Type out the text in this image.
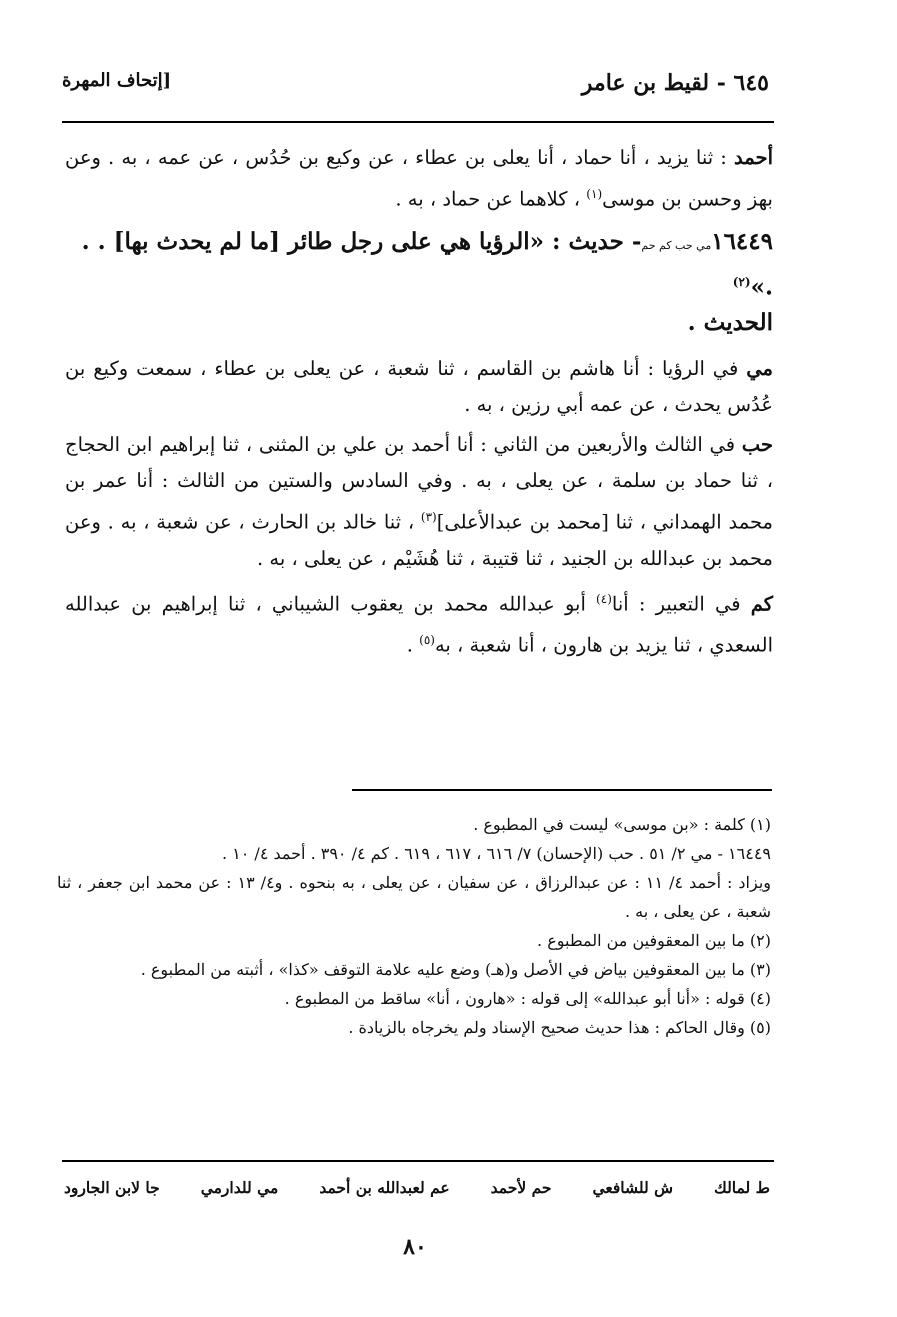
٦٤٥ - لقيط بن عامر
[إتحاف المهرة

أحمد : ثنا يزيد ، أنا حماد ، أنا يعلى بن عطاء ، عن وكيع بن حُدُس ، عن عمه ، به . وعن بهز وحسن بن موسى$^{(١)}$ ، كلاهما عن حماد ، به .

١٦٤٤٩مي حب كم حم- حديث : «الرؤيا هي على رجل طائر [ما لم يحدث بها] . . .»$^{(٢)}$
الحديث .

مي في الرؤيا : أنا هاشم بن القاسم ، ثنا شعبة ، عن يعلى بن عطاء ، سمعت وكيع بن عُدُس يحدث ، عن عمه أبي رزين ، به .

حب في الثالث والأربعين من الثاني : أنا أحمد بن علي بن المثنى ، ثنا إبراهيم ابن الحجاج ، ثنا حماد بن سلمة ، عن يعلى ، به . وفي السادس والستين من الثالث : أنا عمر بن محمد الهمداني ، ثنا [محمد بن عبدالأعلى]$^{(٣)}$ ، ثنا خالد بن الحارث ، عن شعبة ، به . وعن محمد بن عبدالله بن الجنيد ، ثنا قتيبة ، ثنا هُشَيْم ، عن يعلى ، به .

كم في التعبير : أنا$^{(٤)}$ أبو عبدالله محمد بن يعقوب الشيباني ، ثنا إبراهيم بن عبدالله السعدي ، ثنا يزيد بن هارون ، أنا شعبة ، به$^{(٥)}$ .

(١) كلمة : «بن موسى» ليست في المطبوع .

١٦٤٤٩ - مي ٢/ ٥١ . حب (الإحسان) ٧/ ٦١٦ ، ٦١٧ ، ٦١٩ . كم ٤/ ٣٩٠ . أحمد ٤/ ١٠ .

ويزاد : أحمد ٤/ ١١ : عن عبدالرزاق ، عن سفيان ، عن يعلى ، به بنحوه . و٤/ ١٣ : عن محمد ابن جعفر ، ثنا شعبة ، عن يعلى ، به .

(٢) ما بين المعقوفين من المطبوع .

(٣) ما بين المعقوفين بياض في الأصل و(هـ) وضع عليه علامة التوقف «كذا» ، أثبته من المطبوع .

(٤) قوله : «أنا أبو عبدالله» إلى قوله : «هارون ، أنا» ساقط من المطبوع .

(٥) وقال الحاكم : هذا حديث صحيح الإسناد ولم يخرجاه بالزيادة .

ط لمالك
ش للشافعي
حم لأحمد
عم لعبدالله بن أحمد
مي للدارمي
جا لابن الجارود
٨٠
